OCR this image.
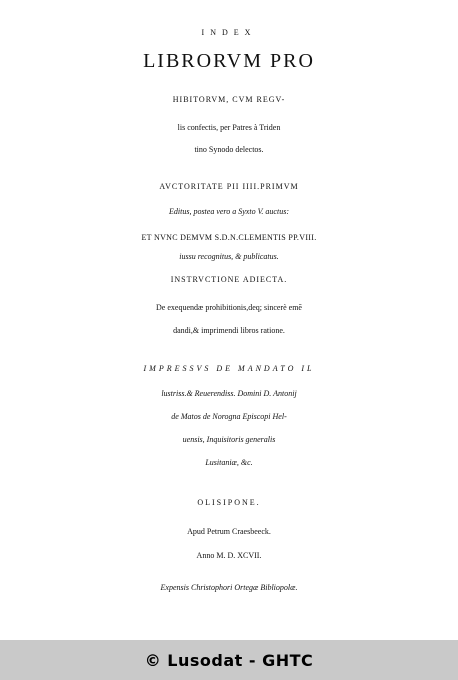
INDEX
LIBRORVM PRO
HIBITORVM, CVM REGV-
lis confectis, per Patres à Triden
tino Synodo delectos.
AVCTORITATE PII IIII.PRIMVM
Editus, postea vero a Syxto V. auctus:
ET NVNC DEMVM S.D.N.CLEMENTIS PP.VIII.
iussu recognitus, & publicatus.
INSTRVCTIONE ADIECTA.
De exequendæ prohibitionis,deq; sincerè emē
dandi,& imprimendi libros ratione.
IMPRESSVS DE MANDATO IL
lustriss.& Reuerendiss. Domini D. Antonij
de Matos de Norogna Episcopi Hel-
uensis, Inquisitoris generalis
Lusitaniæ, &c.
OLISIPONE.
Apud Petrum Craesbeeck.
Anno M. D. XCVII.
Expensis Christophori Ortegæ Bibliopolæ.
© Lusodat - GHTC
